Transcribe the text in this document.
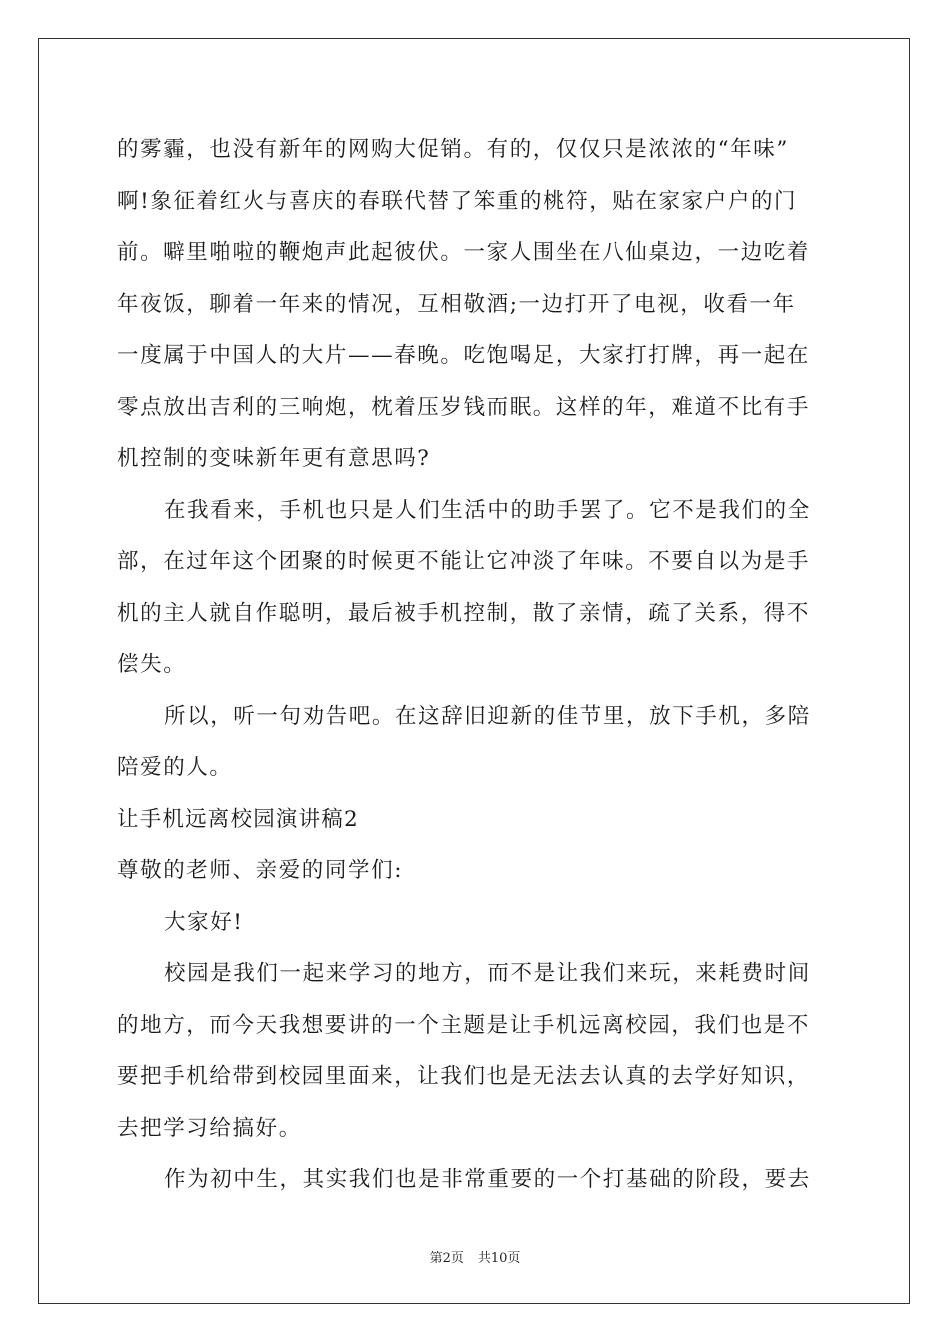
的雾霾，也没有新年的网购大促销。有的，仅仅只是浓浓的“年味”
啊!象征着红火与喜庆的春联代替了笨重的桃符，贴在家家户户的门
前。噼里啪啦的鞭炮声此起彼伏。一家人围坐在八仙桌边，一边吃着
年夜饭，聊着一年来的情况，互相敬酒;一边打开了电视，收看一年
一度属于中国人的大片——春晚。吃饱喝足，大家打打牌，再一起在
零点放出吉利的三响炮，枕着压岁钱而眠。这样的年，难道不比有手
机控制的变味新年更有意思吗?
在我看来，手机也只是人们生活中的助手罢了。它不是我们的全
部，在过年这个团聚的时候更不能让它冲淡了年味。不要自以为是手
机的主人就自作聪明，最后被手机控制，散了亲情，疏了关系，得不
偿失。
所以，听一句劝告吧。在这辞旧迎新的佳节里，放下手机，多陪
陪爱的人。
让手机远离校园演讲稿2
尊敬的老师、亲爱的同学们:
大家好!
校园是我们一起来学习的地方，而不是让我们来玩，来耗费时间
的地方，而今天我想要讲的一个主题是让手机远离校园，我们也是不
要把手机给带到校园里面来，让我们也是无法去认真的去学好知识，
去把学习给搞好。
作为初中生，其实我们也是非常重要的一个打基础的阶段，要去
第2页 共10页
